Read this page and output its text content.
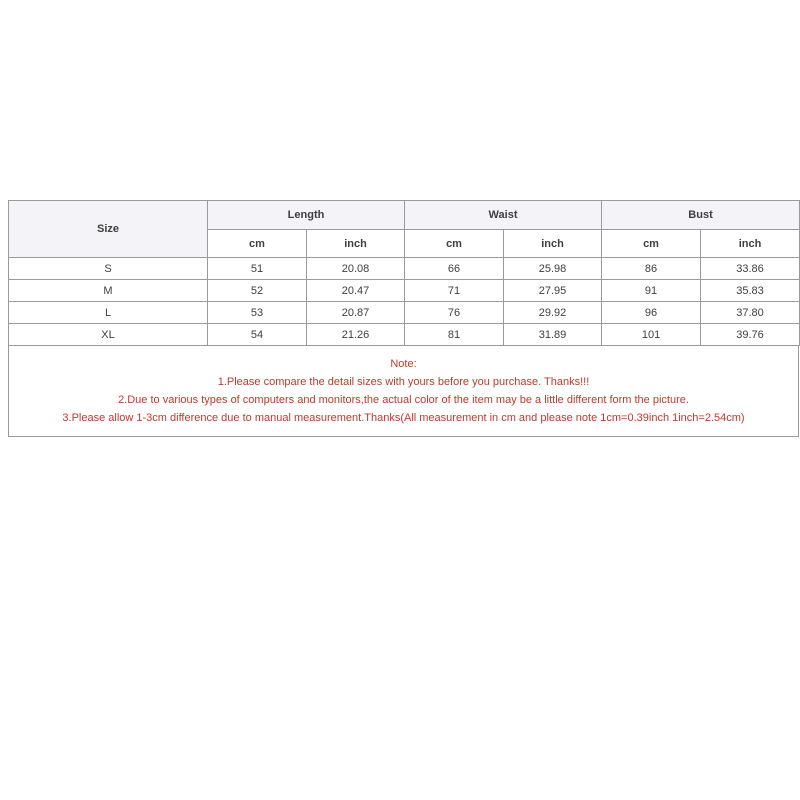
Size	Length		Waist		Bust	
	cm	inch	cm	inch	cm	inch
S	51	20.08	66	25.98	86	33.86
M	52	20.47	71	27.95	91	35.83
L	53	20.87	76	29.92	96	37.80
XL	54	21.26	81	31.89	101	39.76
Note:
1.Please compare the detail sizes with yours before you purchase. Thanks!!!
2.Due to various types of computers and monitors,the actual color of the item may be a little different form the picture.
3.Please allow 1-3cm difference due to manual measurement.Thanks(All measurement in cm and please note 1cm=0.39inch 1inch=2.54cm)
